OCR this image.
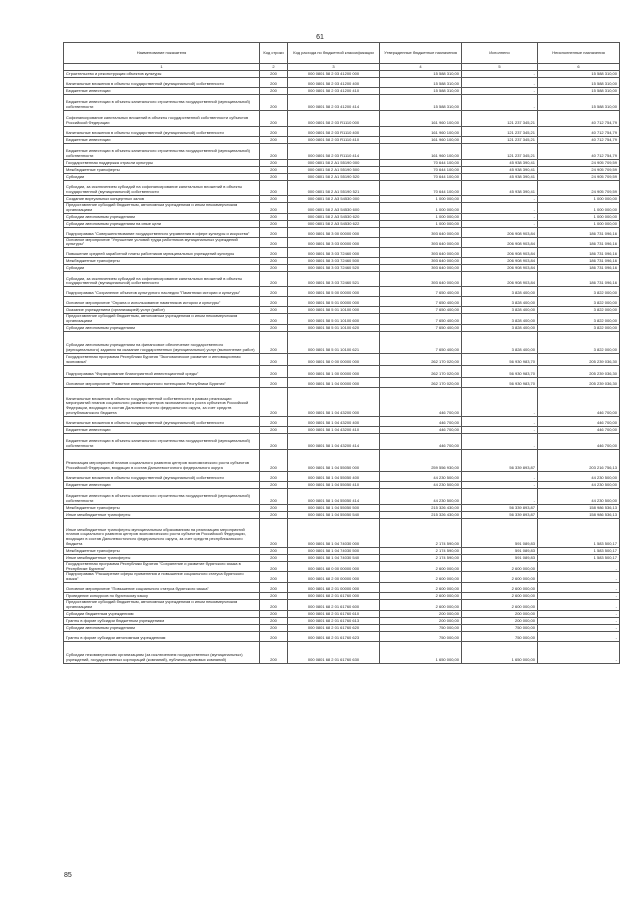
61
Наименование показателя	Код строки	Код расхода по бюджетной классификации	Утвержденные бюджетные назначения	Исполнено	Неисполненные назначения
1	2	3	4	5	6
Строительство и реконструкция объектов культуры	200	000 0801 58 2 03 41200 000	15 588 310,00	-	15 588 310,00
Капитальные вложения в объекты государственной (муниципальной) собственности	200	000 0801 58 2 03 41200 400	15 588 310,00	-	15 588 310,00
Бюджетные инвестиции	200	000 0801 58 2 03 41200 410	15 588 310,00	-	15 588 310,00
Бюджетные инвестиции в объекты капитального строительства государственной (муниципальной) собственности	200	000 0801 58 2 03 41200 414	15 588 310,00	-	15 588 310,00
Софинансирование капитальных вложений в объекты государственной собственности субъектов Российской Федерации	200	000 0801 58 2 03 R1110 000	161 960 100,00	121 237 345,21	40 712 754,79
Капитальные вложения в объекты государственной (муниципальной) собственности	200	000 0801 58 2 03 R1110 400	161 960 100,00	121 237 345,21	40 712 754,79
Бюджетные инвестиции	200	000 0801 58 2 03 R1110 410	161 960 100,00	121 237 345,21	40 712 754,79
Бюджетные инвестиции в объекты капитального строительства государственной (муниципальной) собственности	200	000 0801 58 2 03 R1110 414	161 960 100,00	121 237 345,21	40 712 754,79
Государственная поддержка отрасли культуры	200	000 0801 58 2 А1 55190 000	70 644 100,00	45 938 390,41	24 905 709,59
Межбюджетные трансферты	200	000 0801 58 2 А1 55190 500	70 644 100,00	45 938 390,41	24 905 709,59
Субсидии	200	000 0801 58 2 А1 55190 520	70 644 100,00	45 938 390,41	24 905 709,59
Субсидии, за исключением субсидий на софинансирование капитальных вложений в объекты государственной (муниципальной) собственности	200	000 0801 58 2 А1 55190 521	70 644 100,00	45 938 390,41	24 905 709,59
Создание виртуальных концертных залов	200	000 0801 58 2 А3 54530 000	1 000 000,00	-	1 000 000,00
Предоставление субсидий бюджетным, автономным учреждениям и иным некоммерческим организациям	200	000 0801 58 2 А3 54530 600	1 000 000,00	-	1 000 000,00
Субсидии автономным учреждениям	200	000 0801 58 2 А3 54530 620	1 000 000,00	-	1 000 000,00
Субсидии автономным учреждениям на иные цели	200	000 0801 58 2 А3 54530 622	1 000 000,00	-	1 000 000,00
Подпрограмма "Совершенствование государственного управления в сфере культуры и искусства"	200	000 0801 58 3 00 00000 000	393 640 000,00	206 908 903,84	186 731 096,16
Основное мероприятие "Улучшение условий труда работников муниципальных учреждений культуры"	200	000 0801 58 3 03 00000 000	393 640 000,00	206 908 903,84	186 731 096,16
Повышение средней заработной платы работников муниципальных учреждений культуры	200	000 0801 58 3 03 72460 000	393 640 000,00	206 908 903,84	186 731 096,16
Межбюджетные трансферты	200	000 0801 58 3 03 72460 500	393 640 000,00	206 908 903,84	186 731 096,16
Субсидии	200	000 0801 58 3 03 72460 520	393 640 000,00	206 908 903,84	186 731 096,16
Субсидии, за исключением субсидий на софинансирование капитальных вложений в объекты государственной (муниципальной) собственности	200	000 0801 58 3 03 72460 521	393 640 000,00	206 908 903,84	186 731 096,16
Подпрограмма "Сохранение объектов культурного наследия "Памятники истории и культуры"	200	000 0801 58 5 00 00000 000	7 650 400,00	3 828 400,00	3 822 000,00
Основное мероприятие "Охрана и использование памятников истории и культуры"	200	000 0801 58 5 01 00000 000	7 650 400,00	3 828 400,00	3 822 000,00
Оказание учреждением (организацией) услуг (работ)	200	000 0801 58 5 01 10100 000	7 650 400,00	3 828 400,00	3 822 000,00
Предоставление субсидий бюджетным, автономным учреждениям и иным некоммерческим организациям	200	000 0801 58 5 01 10100 600	7 650 400,00	3 828 400,00	3 822 000,00
Субсидии автономным учреждениям	200	000 0801 58 5 01 10100 620	7 650 400,00	3 828 400,00	3 822 000,00
Субсидии автономным учреждениям на финансовое обеспечение государственного (муниципального) задания на оказание государственных (муниципальных) услуг (выполнение работ)	200	000 0801 58 5 01 10100 621	7 650 400,00	3 828 400,00	3 822 000,00
Государственная программа Республики Бурятия "Экономическое развитие и инновационная экономика"	200	000 0801 58 0 00 00000 000	262 170 020,00	56 930 983,70	205 239 036,30
Подпрограмма "Формирование благоприятной инвестиционной среды"	200	000 0801 58 1 00 00000 000	262 170 020,00	56 930 983,70	205 239 036,30
Основное мероприятие "Развитие инвестиционного потенциала Республики Бурятия"	200	000 0801 58 1 04 00000 000	262 170 020,00	56 930 983,70	205 239 036,30
Капитальные вложения в объекты государственной собственности в рамках реализации мероприятий планов социального развития центров экономического роста субъектов Российской Федерации, входящих в состав Дальневосточного федерального округа, за счет средств республиканского бюджета	200	000 0801 58 1 04 43200 000	446 700,00	-	446 700,00
Капитальные вложения в объекты государственной (муниципальной) собственности	200	000 0801 58 1 04 43200 400	446 700,00	-	446 700,00
Бюджетные инвестиции	200	000 0801 58 1 04 43200 410	446 700,00	-	446 700,00
Бюджетные инвестиции в объекты капитального строительства государственной (муниципальной) собственности	200	000 0801 58 1 04 43200 414	446 700,00	-	446 700,00
Реализация мероприятий планов социального развития центров экономического роста субъектов Российской Федерации, входящих в состав Дальневосточного федерального округа	200	000 0801 58 1 04 55050 000	259 556 930,00	56 339 893,87	203 216 756,13
Капитальные вложения в объекты государственной (муниципальной) собственности	200	000 0801 58 1 04 55050 400	44 230 500,00	-	44 230 500,00
Бюджетные инвестиции	200	000 0801 58 1 04 55050 410	44 230 500,00	-	44 230 500,00
Бюджетные инвестиции в объекты капитального строительства государственной (муниципальной) собственности	200	000 0801 58 1 04 55050 414	44 230 500,00	-	44 230 500,00
Межбюджетные трансферты	200	000 0801 58 1 04 55050 500	215 326 430,00	56 339 893,87	158 986 536,13
Иные межбюджетные трансферты	200	000 0801 58 1 04 55050 540	215 326 430,00	56 339 893,87	158 986 536,13
Иные межбюджетные трансферты муниципальным образованиям на реализацию мероприятий планов социального развития центров экономического роста субъектов Российской Федерации, входящих в состав Дальневосточного федерального округа, за счет средств республиканского бюджета	200	000 0801 58 1 04 74030 000	2 174 590,00	591 089,83	1 583 500,17
Межбюджетные трансферты	200	000 0801 58 1 04 74030 500	2 174 590,00	591 089,83	1 583 500,17
Иные межбюджетные трансферты	200	000 0801 58 1 04 74030 540	2 174 590,00	591 089,83	1 583 500,17
Государственная программа Республики Бурятия "Сохранение и развитие бурятского языка в Республике Бурятия"	200	000 0801 68 0 00 00000 000	2 600 000,00	2 600 000,00	-
Подпрограмма "Расширение сферы применения и повышение социального статуса бурятского языка"	200	000 0801 68 2 00 00000 000	2 600 000,00	2 600 000,00	-
Основное мероприятие "Повышение социального статуса бурятского языка"	200	000 0801 68 2 01 00000 000	2 600 000,00	2 600 000,00	-
Проведение конкурсов по бурятскому языку	200	000 0801 68 2 01 61760 000	2 600 000,00	2 600 000,00	-
Предоставление субсидий бюджетным, автономным учреждениям и иным некоммерческим организациям	200	000 0801 68 2 01 61760 600	2 600 000,00	2 600 000,00	-
Субсидии бюджетным учреждениям	200	000 0801 68 2 01 61760 610	200 000,00	200 000,00	-
Гранты в форме субсидии бюджетным учреждениям	200	000 0801 68 2 01 61760 613	200 000,00	200 000,00	-
Субсидии автономным учреждениям	200	000 0801 68 2 01 61760 620	750 000,00	750 000,00	-
Гранты в форме субсидии автономным учреждениям	200	000 0801 68 2 01 61760 623	750 000,00	750 000,00	-
Субсидии некоммерческим организациям (за исключением государственных (муниципальных) учреждений, государственных корпораций (компаний), публично-правовых компаний)	200	000 0801 68 2 01 61760 630	1 650 000,00	1 650 000,00	-
85
